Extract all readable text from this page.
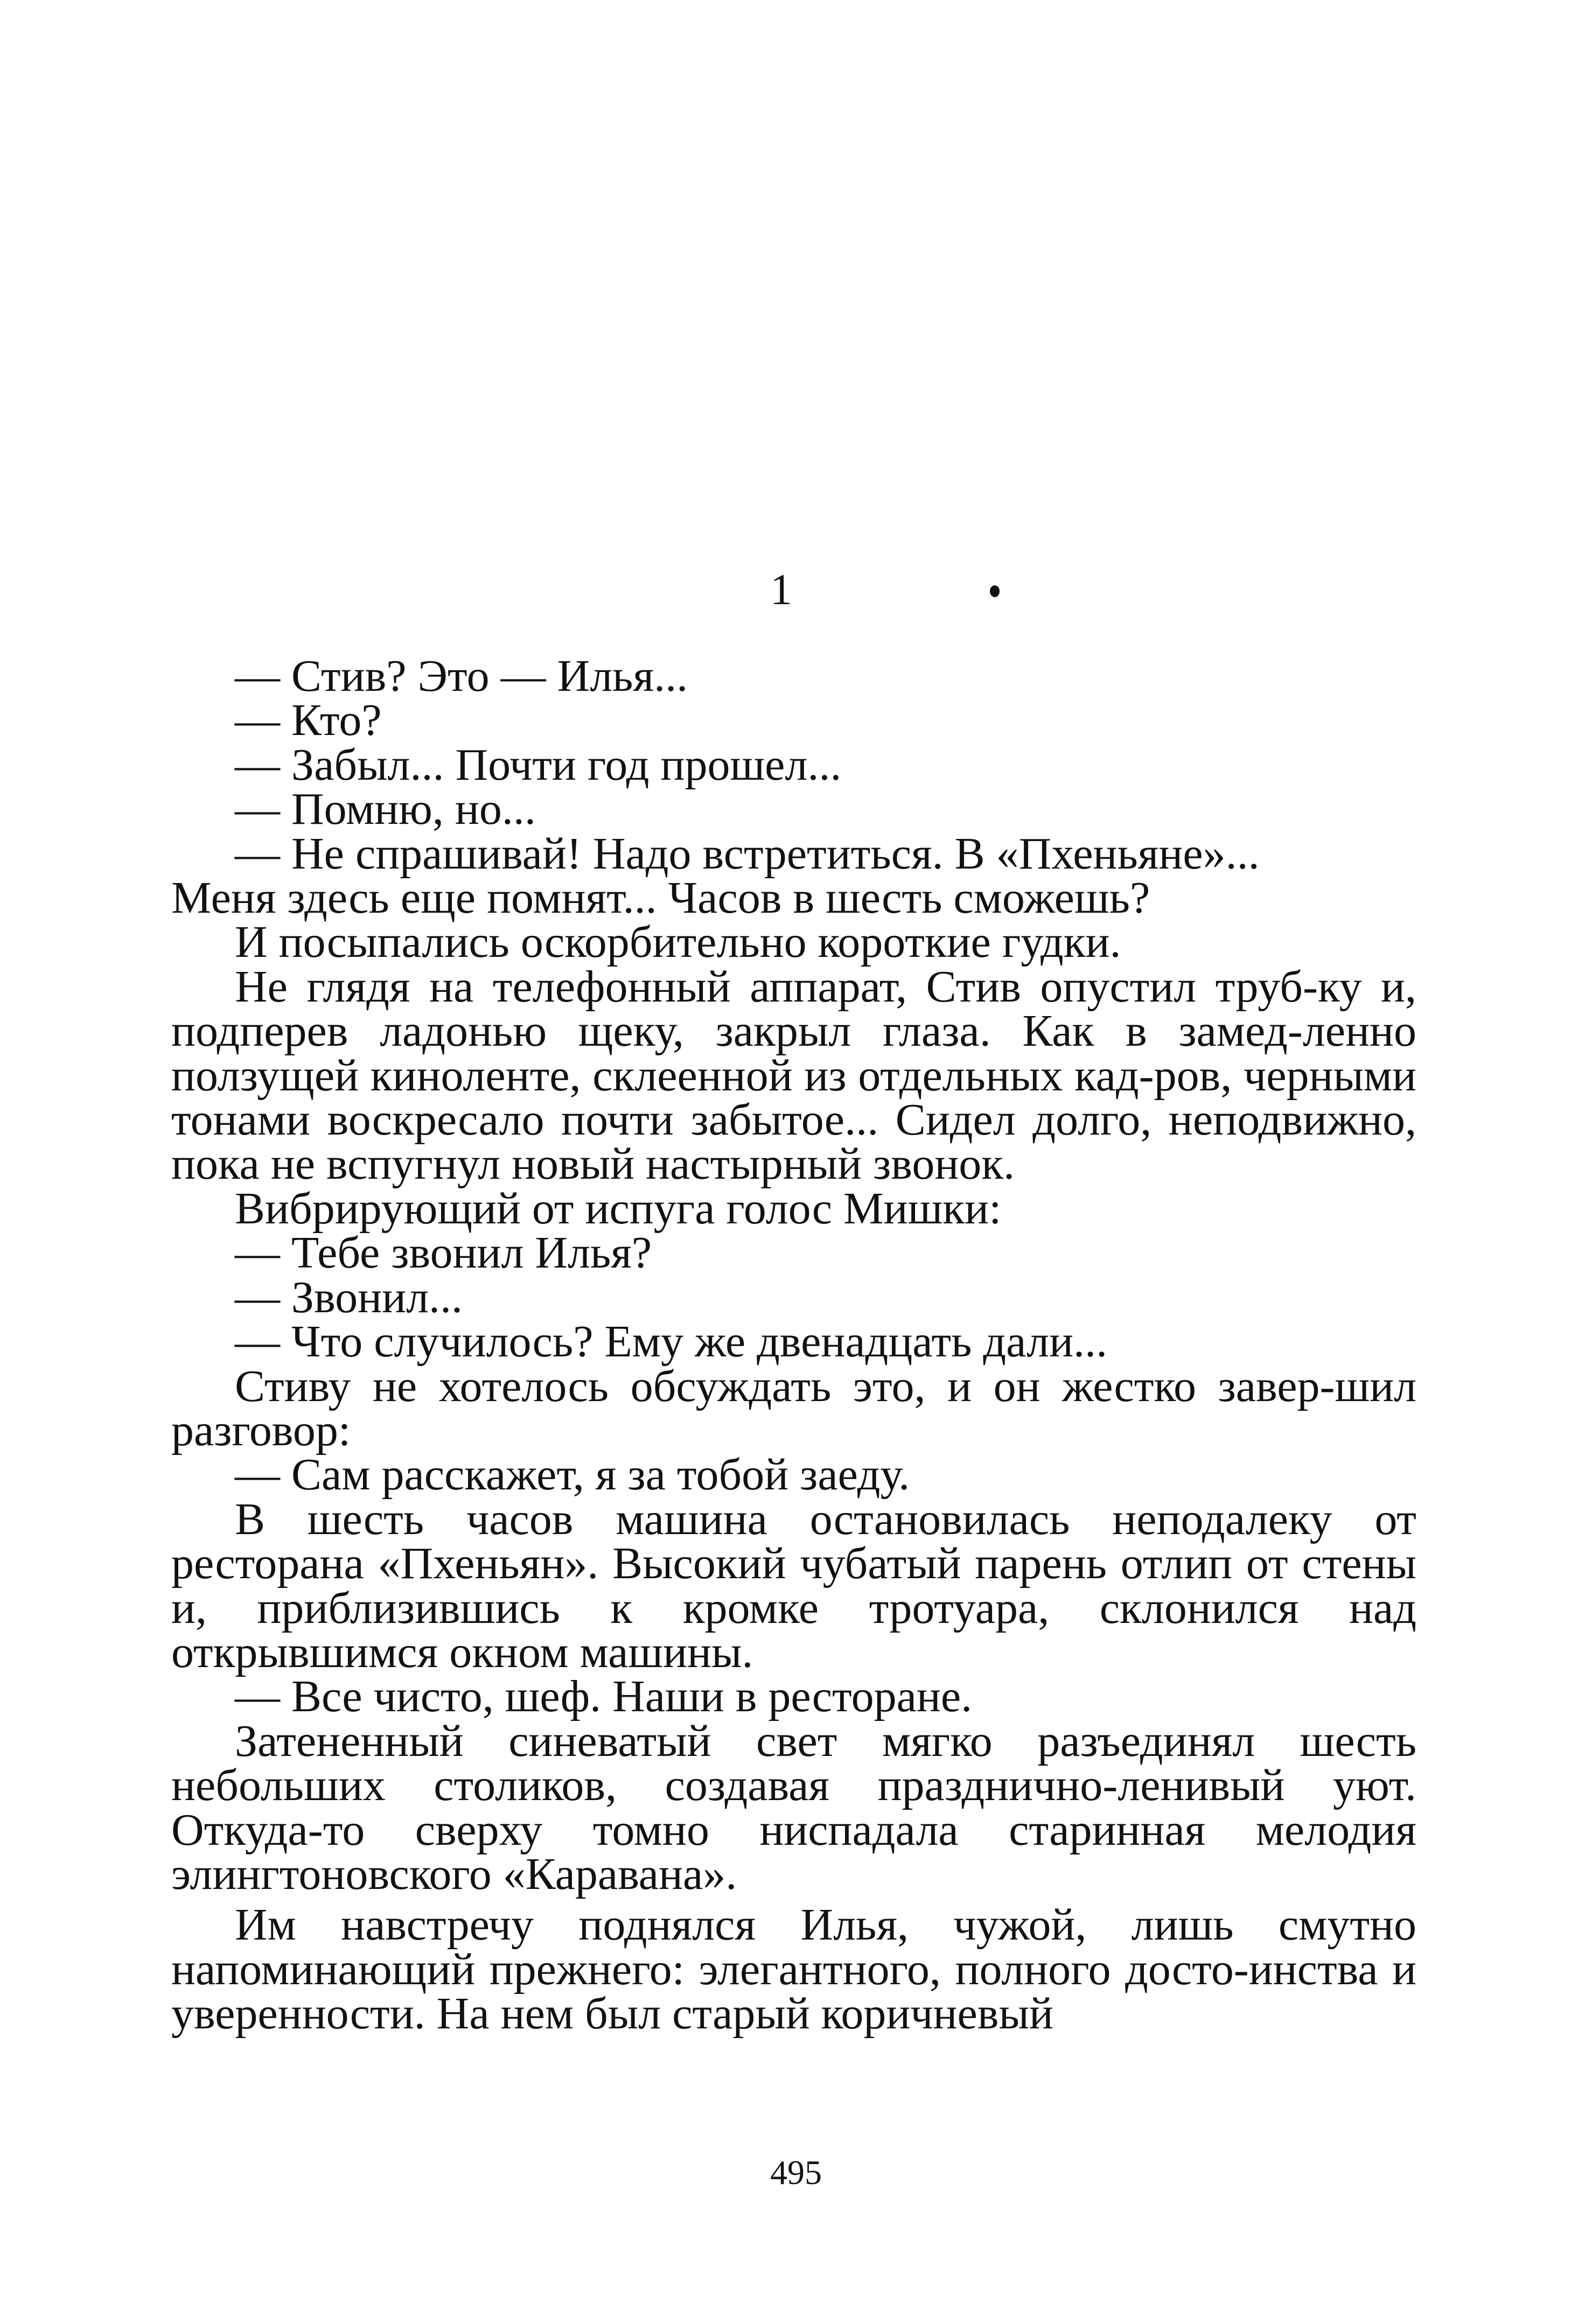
1

— Стив? Это — Илья...

— Кто?

— Забыл... Почти год прошел...

— Помню, но...

— Не спрашивай! Надо встретиться. В «Пхеньяне»...

Меня здесь еще помнят... Часов в шесть сможешь?

И посыпались оскорбительно короткие гудки.

Не глядя на телефонный аппарат, Стив опустил труб-ку и, подперев ладонью щеку, закрыл глаза. Как в замед-ленно ползущей киноленте, склеенной из отдельных кад-ров, черными тонами воскресало почти забытое... Сидел долго, неподвижно, пока не вспугнул новый настырный звонок.

Вибрирующий от испуга голос Мишки:

— Тебе звонил Илья?

— Звонил...

— Что случилось? Ему же двенадцать дали...

Стиву не хотелось обсуждать это, и он жестко завер-шил разговор:

— Сам расскажет, я за тобой заеду.

В шесть часов машина остановилась неподалеку от ресторана «Пхеньян». Высокий чубатый парень отлип от стены и, приблизившись к кромке тротуара, склонился над открывшимся окном машины.

— Все чисто, шеф. Наши в ресторане.

Затененный синеватый свет мягко разъединял шесть небольших столиков, создавая празднично-ленивый уют. Откуда-то сверху томно ниспадала старинная мелодия элингтоновского «Каравана».

Им навстречу поднялся Илья, чужой, лишь смутно напоминающий прежнего: элегантного, полного досто-инства и уверенности. На нем был старый коричневый

495
